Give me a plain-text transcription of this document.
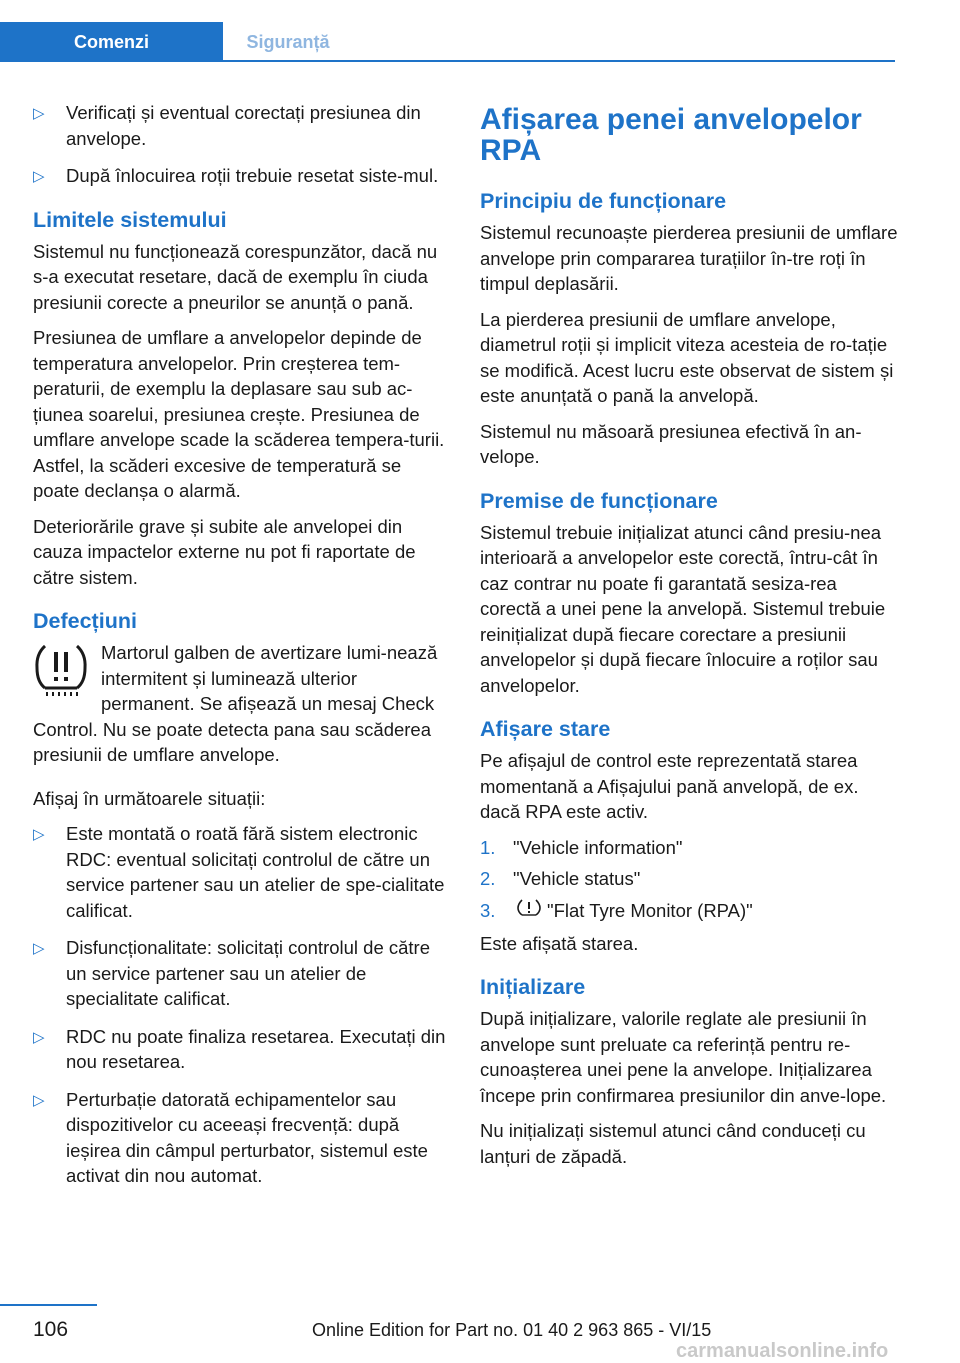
Comenzi	Siguranță
▷ Verificați și eventual corectați presiunea din anvelope.
▷ După înlocuirea roții trebuie resetat siste‐mul.
Limitele sistemului

Sistemul nu funcționează corespunzător, dacă nu s-a executat resetare, dacă de exemplu în ciuda presiunii corecte a pneurilor se anunță o pană.

Presiunea de umflare a anvelopelor depinde de temperatura anvelopelor. Prin creșterea tem‐peraturii, de exemplu la deplasare sau sub ac‐țiunea soarelui, presiunea crește. Presiunea de umflare anvelope scade la scăderea tempera‐turii. Astfel, la scăderi excesive de temperatură se poate declanșa o alarmă.

Deteriorările grave și subite ale anvelopei din cauza impactelor externe nu pot fi raportate de către sistem.

Defecțiuni

Martorul galben de avertizare lumi‐nează intermitent și luminează ulterior permanent. Se afișează un mesaj Check Control. Nu se poate detecta pana sau scăderea presiunii de umflare anvelope.

Afișaj în următoarele situații:

▷ Este montată o roată fără sistem electronic RDC: eventual solicitați controlul de către un service partener sau un atelier de spe‐cialitate calificat.
▷ Disfuncționalitate: solicitați controlul de către un service partener sau un atelier de specialitate calificat.
▷ RDC nu poate finaliza resetarea. Executați din nou resetarea.
▷ Perturbație datorată echipamentelor sau dispozitivelor cu aceeași frecvență: după ieșirea din câmpul perturbator, sistemul este activat din nou automat.
Afișarea penei anvelopelor RPA
Principiu de funcționare

Sistemul recunoaște pierderea presiunii de umflare anvelope prin compararea turațiilor în‐tre roți în timpul deplasării.

La pierderea presiunii de umflare anvelope, diametrul roții și implicit viteza acesteia de ro‐tație se modifică. Acest lucru este observat de sistem și este anunțată o pană la anvelopă.

Sistemul nu măsoară presiunea efectivă în an‐velope.

Premise de funcționare

Sistemul trebuie inițializat atunci când presiu‐nea interioară a anvelopelor este corectă, întru‐cât în caz contrar nu poate fi garantată sesiza‐rea corectă a unei pene la anvelopă. Sistemul trebuie reinițializat după fiecare corectare a presiunii anvelopelor și după fiecare înlocuire a roților sau anvelopelor.

Afișare stare

Pe afișajul de control este reprezentată starea momentană a Afișajului pană anvelopă, de ex. dacă RPA este activ.

1. "Vehicle information"
2. "Vehicle status"
3.	"Flat Tyre Monitor (RPA)"

Este afișată starea.

Inițializare

După inițializare, valorile reglate ale presiunii în anvelope sunt preluate ca referință pentru re‐cunoașterea unei pene la anvelope. Inițializarea începe prin confirmarea presiunilor din anve‐lope.

Nu inițializați sistemul atunci când conduceți cu lanțuri de zăpadă.

106	Online Edition for Part no. 01 40 2 963 865 - VI/15
carmanualsonline.info
